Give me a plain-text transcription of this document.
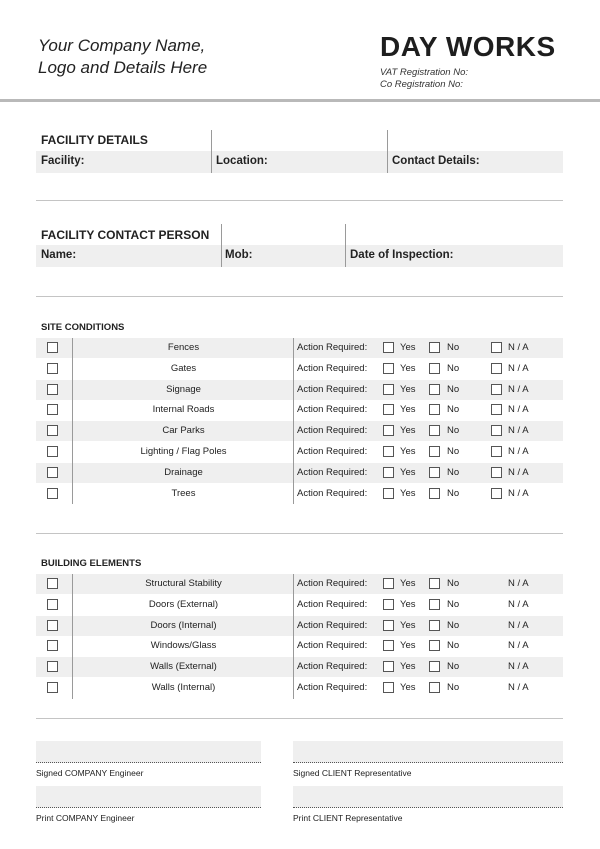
Your Company Name,
Logo and Details Here
DAY WORKS
VAT Registration No:
Co Registration No:
FACILITY DETAILS
Facility:	Location:	Contact Details:
FACILITY CONTACT PERSON
Name:	Mob:	Date of Inspection:
SITE CONDITIONS
Fences	Action Required:	Yes	No	N / A
Gates	Action Required:	Yes	No	N / A
Signage	Action Required:	Yes	No	N / A
Internal Roads	Action Required:	Yes	No	N / A
Car Parks	Action Required:	Yes	No	N / A
Lighting / Flag Poles	Action Required:	Yes	No	N / A
Drainage	Action Required:	Yes	No	N / A
Trees	Action Required:	Yes	No	N / A
BUILDING ELEMENTS
Structural Stability	Action Required:	Yes	No	N / A
Doors (External)	Action Required:	Yes	No	N / A
Doors (Internal)	Action Required:	Yes	No	N / A
Windows/Glass	Action Required:	Yes	No	N / A
Walls (External)	Action Required:	Yes	No	N / A
Walls (Internal)	Action Required:	Yes	No	N / A
Signed COMPANY Engineer	Signed CLIENT Representative
Print COMPANY Engineer	Print CLIENT Representative
